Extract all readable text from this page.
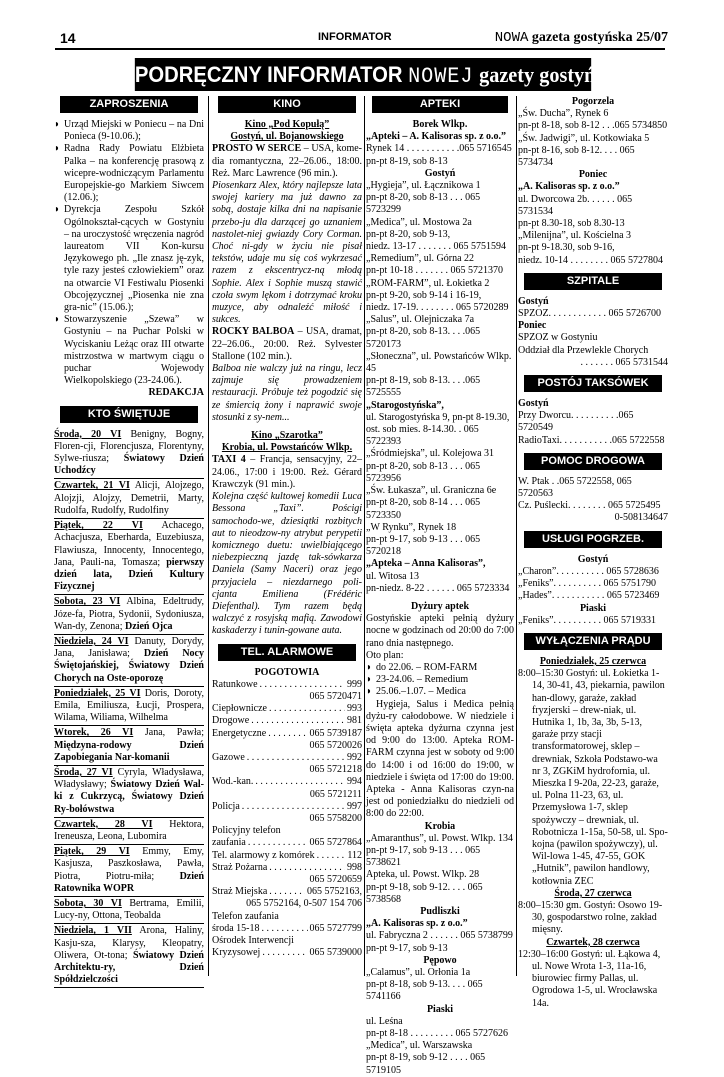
14	INFORMATOR	NOWA gazeta gostyńska 25/07
PODRĘCZNY INFORMATOR NOWEJ gazety gostyńskiej
ZAPROSZENIA

◗ Urząd Miejski w Poniecu – na Dni Ponieca (9-10.06.);

◗ Radna Rady Powiatu Elżbieta Palka – na konferencję prasową z wicepre-wodniczącym Parlamentu Europejskie-go Markiem Siwcem (12.06.);

◗ Dyrekcja Zespołu Szkół Ogólnokształ-cących w Gostyniu – na uroczystość wręczenia nagród laureatom VII Kon-kursu Językowego ph. „Ile znasz ję-zyk, tyle razy jesteś człowiekiem” oraz na otwarcie VI Festiwalu Piosenki Obcojęzycznej „Piosenka nie zna gra-nic” (15.06.);

◗ Stowarzyszenie „Szewa” w Gostyniu – na Puchar Polski w Wyciskaniu Leżąc oraz III otwarte mistrzostwa w martwym ciągu o puchar Wojewody Wielkopolskiego (23-24.06.).

REDAKCJA
KTO ŚWIĘTUJE

Środa, 20 VI Benigny, Bogny, Floren-cji, Florencjusza, Florentyny, Sylwe-riusza; Światowy Dzień Uchodźcy

Czwartek, 21 VI Alicji, Alojzego, Alojzji, Alojzy, Demetrii, Marty, Rudolfa, Rudolfy, Rudolfiny

Piątek, 22 VI Achacego, Achacjusza, Eberharda, Euzebiusza, Flawiusza, Innocenty, Innocentego, Jana, Pauli-na, Tomasza; pierwszy dzień lata, Dzień Kultury Fizycznej

Sobota, 23 VI Albina, Edeltrudy, Józe-fa, Piotra, Sydonii, Sydoniusza, Wan-dy, Zenona; Dzień Ojca

Niedziela, 24 VI Danuty, Dorydy, Jana, Janisława; Dzień Nocy Świętojańskiej, Światowy Dzień Chorych na Oste-oporozę

Poniedziałek, 25 VI Doris, Doroty, Emila, Emiliusza, Łucji, Prospera, Wilama, Wiliama, Wilhelma

Wtorek, 26 VI Jana, Pawła; Międzyna-rodowy Dzień Zapobiegania Nar-komanii

Środa, 27 VI Cyryla, Władysława, Władysławy; Światowy Dzień Wal-ki z Cukrzycą, Światowy Dzień Ry-bołówstwa

Czwartek, 28 VI Hektora, Ireneusza, Leona, Lubomira

Piątek, 29 VI Emmy, Emy, Kasjusza, Paszkosława, Pawła, Piotra, Piotru-miła;	Dzień Ratownika WOPR

Sobota, 30 VI Bertrama, Emilii, Lucy-ny, Ottona, Teobalda

Niedziela, 1 VII Arona, Haliny, Kasju-sza, Klarysy, Kleopatry, Oliwera, Ot-tona; Światowy Dzień Architektu-ry, Dzień Spółdzielczości

KINO

Kino „Pod Kopułą”

Gostyń, ul. Bojanowskiego

PROSTO W SERCE – USA, kome-dia romantyczna, 22–26.06., 18:00. Reż. Marc Lawrence (96 min.).

Piosenkarz Alex, który najlepsze lata swojej kariery ma już dawno za sobą, dostaje kilka dni na napisanie przebo-ju dla darzącej go uznaniem nastolet-niej gwiazdy Cory Corman. Choć ni-gdy w życiu nie pisał tekstów, udaje mu się coś wykrzesać razem z ekscentrycz-ną młodą Sophie. Alex i Sophie muszą stawić czoła swym lękom i dotrzymać kroku muzyce, aby odnaleźć miłość i sukces.

ROCKY BALBOA – USA, dramat, 22–26.06., 20:00. Reż. Sylvester Stallone (102 min.).

Balboa nie walczy już na ringu, lecz zajmuje się prowadzeniem restauracji. Próbuje też pogodzić się ze śmiercią żony i naprawić swoje stosunki z sy-nem...

Kino „Szarotka”

Krobia, ul. Powstańców Wlkp.

TAXI 4 – Francja, sensacyjny, 22–24.06., 17:00 i 19:00. Reż. Gérard Krawczyk (91 min.).

Kolejna część kultowej komedii Luca Bessona „Taxi”. Pościgi samochodo-we, dziesiątki rozbitych aut to nieodzow-ny atrybut perypetii komicznego duetu: uwielbiającego niebezpieczną jazdę tak-sówkarza Daniela (Samy Naceri) oraz jego przyjaciela – niezdarnego poli-cjanta Emiliena (Frédéric Diefenthal). Tym razem będą walczyć z rosyjską mafią. Zawodowi kaskaderzy i tunin-gowane auta.

TEL. ALARMOWE

POGOTOWIA

Ratunkowe . . .	999

065 5720471

Ciepłownicze . . .	993
Drogowe . . .	981
Energetyczne . . .	065 5739187

065 5720026

Gazowe . . .	992

065 5721218

Wod.-kan. . . .	994

065 5721211

Policja . . .	997

065 5758200

Policyjny telefon

zaufania . . .	065 5727864
Tel. alarmowy z komórek . . .	112
Straż Pożarna . . .	998

065 5720659

Straż Miejska . . .	065 5752163,

065 5752164, 0-507 154 706

Telefon zaufania

środa 15-18 . . .	065 5727799

Ośrodek Interwencji

Kryzysowej . . .	065 5739000
APTEKI

Borek Wlkp.

„Apteki – A. Kalisoras sp. z o.o.”

Rynek 14 . . . . . . . . . . .065 5716545

pn-pt 8-19, sob 8-13

Gostyń

„Hygieja”, ul. Łącznikowa 1

pn-pt 8-20, sob 8-13 . . . 065 5723299

„Medica”, ul. Mostowa 2a

pn-pt 8-20, sob 9-13,

niedz. 13-17 . . . . . . . 065 5751594

„Remedium”, ul. Górna 22

pn-pt 10-18 . . . . . . . 065 5721370

„ROM-FARM”, ul. Łokietka 2

pn-pt 9-20, sob 9-14 i 16-19,

niedz. 17-19. . . . . . . . 065 5720289

„Salus”, ul. Olejniczaka 7a

pn-pt 8-20, sob 8-13. . . .065 5720173

„Słoneczna”, ul. Powstańców Wlkp. 45

pn-pt 8-19, sob 8-13. . . .065 5725555

„Starogostyńska”,

ul. Starogostyńska 9, pn-pt 8-19.30,

ost. sob mies. 8-14.30. . 065 5722393

„Śródmiejska”, ul. Kolejowa 31

pn-pt 8-20, sob 8-13 . . . 065 5723956

„Św. Łukasza”, ul. Graniczna 6e

pn-pt 8-20, sob 8-14 . . . 065 5723350

„W Rynku”, Rynek 18

pn-pt 9-17, sob 9-13 . . . 065 5720218

„Apteka – Anna Kalisoras”,

ul. Witosa 13

pn-niedz. 8-22 . . . . . . 065 5723334

Dyżury aptek

Gostyńskie apteki pełnią dyżury nocne w godzinach od 20:00 do 7:00 rano dnia następnego.

Oto plan:

◗ do 22.06. – ROM-FARM

◗ 23-24.06. – Remedium

◗ 25.06.–1.07. – Medica

Hygieja, Salus i Medica pełnią dyżu-ry całodobowe. W niedziele i święta apteka dyżurna czynna jest od 9:00 do 13:00. Apteka ROM-FARM czynna jest w soboty od 9:00 do 14:00 i od 16:00 do 19:00, w niedziele i święta od 17:00 do 19:00. Apteka - Anna Kalisoras czyn-na jest od poniedziałku do niedzieli od 8:00 do 22:00.

Krobia

„Amaranthus”, ul. Powst. Wlkp. 134

pn-pt 9-17, sob 9-13 . . . 065 5738621

Apteka, ul. Powst. Wlkp. 28

pn-pt 9-18, sob 9-12. . . . 065 5738568

Pudliszki

„A. Kalisoras sp. z o.o.”

ul. Fabryczna 2 . . . . . . 065 5738799

pn-pt 9-17, sob 9-13

Pępowo

„Calamus”, ul. Orłonia 1a

pn-pt 8-18, sob 9-13. . . . 065 5741166

Piaski

ul. Leśna

pn-pt 8-18 . . . . . . . . . 065 5727626

„Medica”, ul. Warszawska

pn-pt 8-19, sob 9-12 . . . . 065 5719105

Pogorzela

„Św. Ducha”, Rynek 6

pn-pt 8-18, sob 8-12 . . .065 5734850

„Św. Jadwigi”, ul. Kotkowiaka 5

pn-pt 8-16, sob 8-12. . . . 065 5734734

Poniec

„A. Kalisoras sp. z o.o.”

ul. Dworcowa 2b. . . . . . 065 5731534

pn-pt 8.30-18, sob 8.30-13

„Milenijna”, ul. Kościelna 3

pn-pt 9-18.30, sob 9-16,

niedz. 10-14 . . . . . . . . 065 5727804

SZPITALE

Gostyń

SPZOZ. . . . . . . . . . . . 065 5726700

Poniec

SPZOZ w Gostyniu

Oddział dla Przewlekle Chorych

. . . . . . . 065 5731544

POSTÓJ TAKSÓWEK

Gostyń

Przy Dworcu. . . . . . . . . .065 5720549

RadioTaxi. . . . . . . . . . .065 5722558

POMOC DROGOWA

W. Ptak . .065 5722558, 065 5720563

Cz. Puślecki. . . . . . . . 065 5725495

0-508134647

USŁUGI POGRZEB.

Gostyń

„Charon”. . . . . . . . . . 065 5728636

„Feniks”. . . . . . . . . . 065 5751790

„Hades”. . . . . . . . . . . 065 5723469

Piaski

„Feniks”. . . . . . . . . . 065 5719331

WYŁĄCZENIA PRĄDU

Poniedziałek, 25 czerwca

8:00–15:30 Gostyń: ul. Łokietka 1-14, 30-41, 43, piekarnia, pawilon han-dlowy, garaże, zakład fryzjerski – drew-niak, ul. Hutnika 1, 1b, 3a, 3b, 5-13, garaże przy stacji transformatorowej, sklep – drewniak, Szkoła Podstawo-wa nr 3, ZGKiM hydrofornia, ul. Mieszka I 9-20a, 22-23, garaże, ul. Polna 11-23, 63, ul. Przemysłowa 1-7, sklep spożywczy – drewniak, ul. Robotnicza 1-15a, 50-58, ul. Spo-kojna (pawilon spożywczy), ul. Wil-lowa 1-45, 47-55, GOK „Hutnik”, pawilon handlowy, kotłownia ZEC

Środa, 27 czerwca

8:00–15:30 gm. Gostyń: Osowo 19-30, gospodarstwo rolne, zakład mięsny.

Czwartek, 28 czerwca

12:30–16:00 Gostyń: ul. Łąkowa 4, ul. Nowe Wrota 1-3, 11a-16, biurowiec firmy Pallas, ul. Ogrodowa 1-5, ul. Wrocławska 14a.
